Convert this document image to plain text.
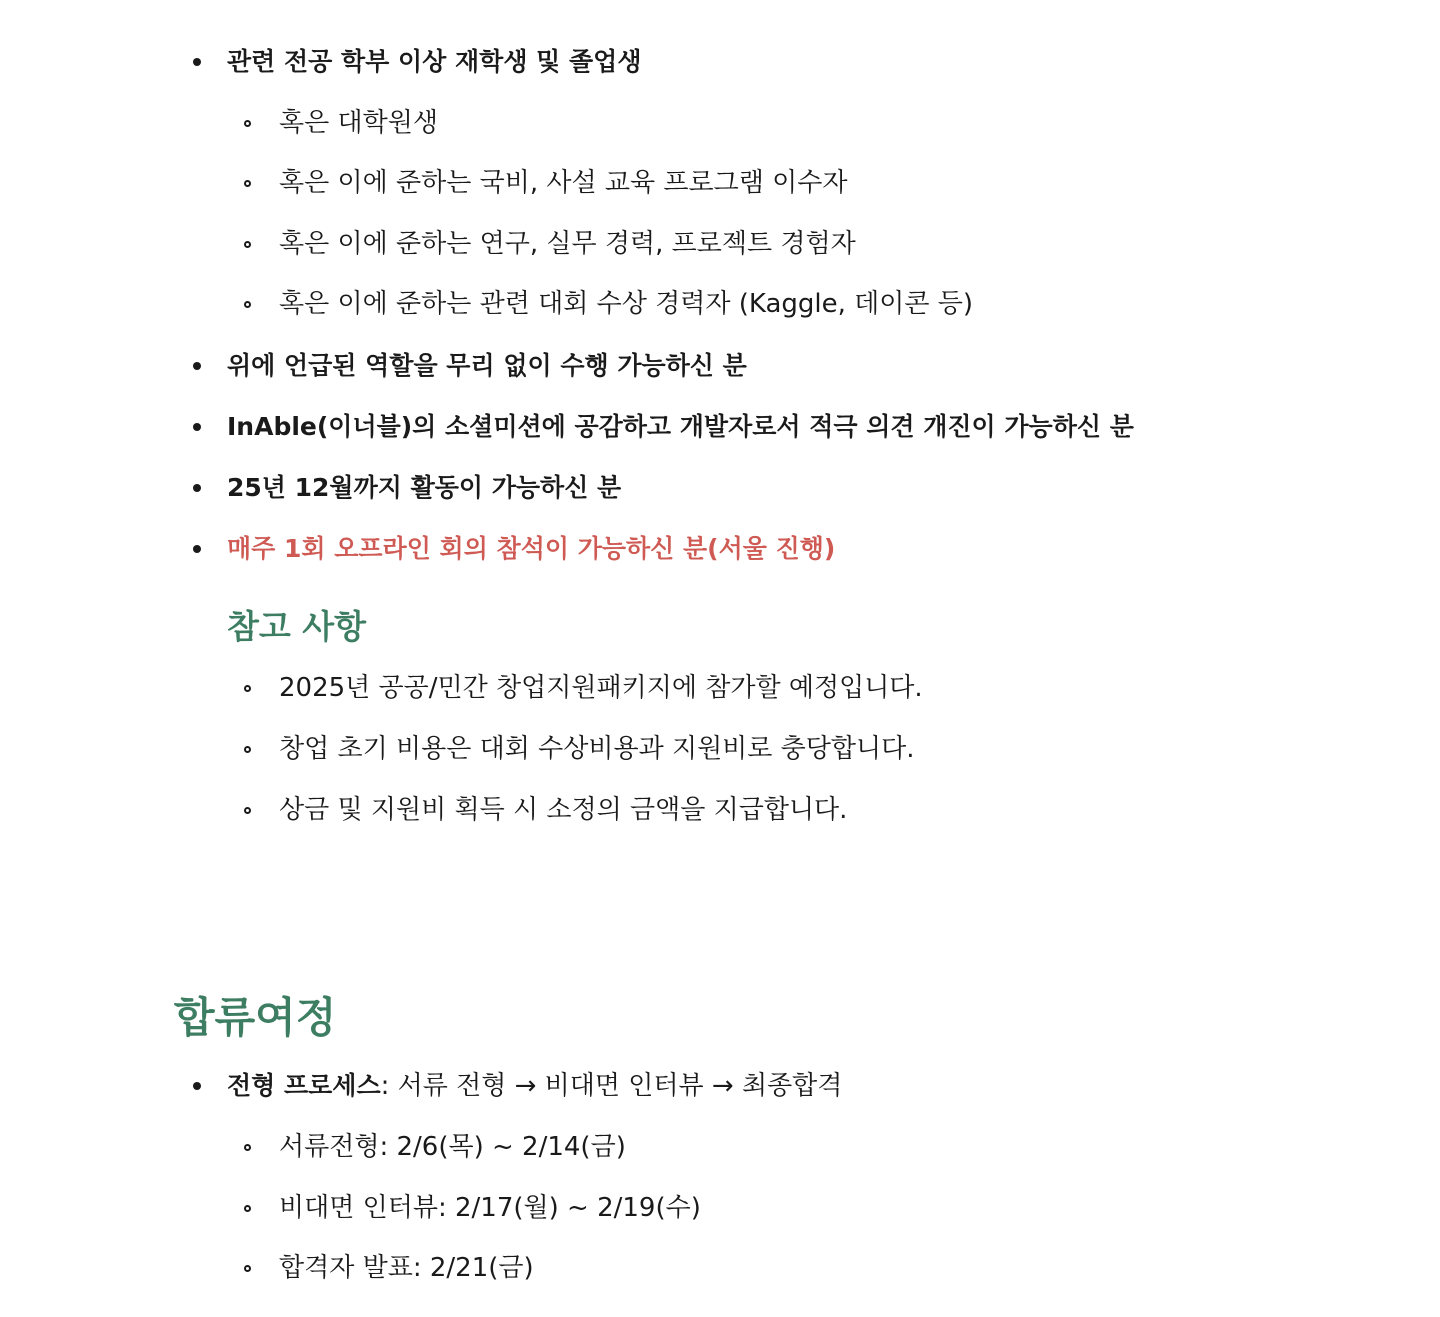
관련 전공 학부 이상 재학생 및 졸업생
혹은 대학원생
혹은 이에 준하는 국비, 사설 교육 프로그램 이수자
혹은 이에 준하는 연구, 실무 경력, 프로젝트 경험자
혹은 이에 준하는 관련 대회 수상 경력자 (Kaggle, 데이콘 등)
위에 언급된 역할을 무리 없이 수행 가능하신 분
InAble(이너블)의 소셜미션에 공감하고 개발자로서 적극 의견 개진이 가능하신 분
25년 12월까지 활동이 가능하신 분
매주 1회 오프라인 회의 참석이 가능하신 분(서울 진행)
참고 사항
2025년 공공/민간 창업지원패키지에 참가할 예정입니다.
창업 초기 비용은 대회 수상비용과 지원비로 충당합니다.
상금 및 지원비 획득 시 소정의 금액을 지급합니다.
합류여정
전형 프로세스: 서류 전형 → 비대면 인터뷰 → 최종합격
서류전형: 2/6(목) ~ 2/14(금)
비대면 인터뷰: 2/17(월) ~ 2/19(수)
합격자 발표: 2/21(금)
